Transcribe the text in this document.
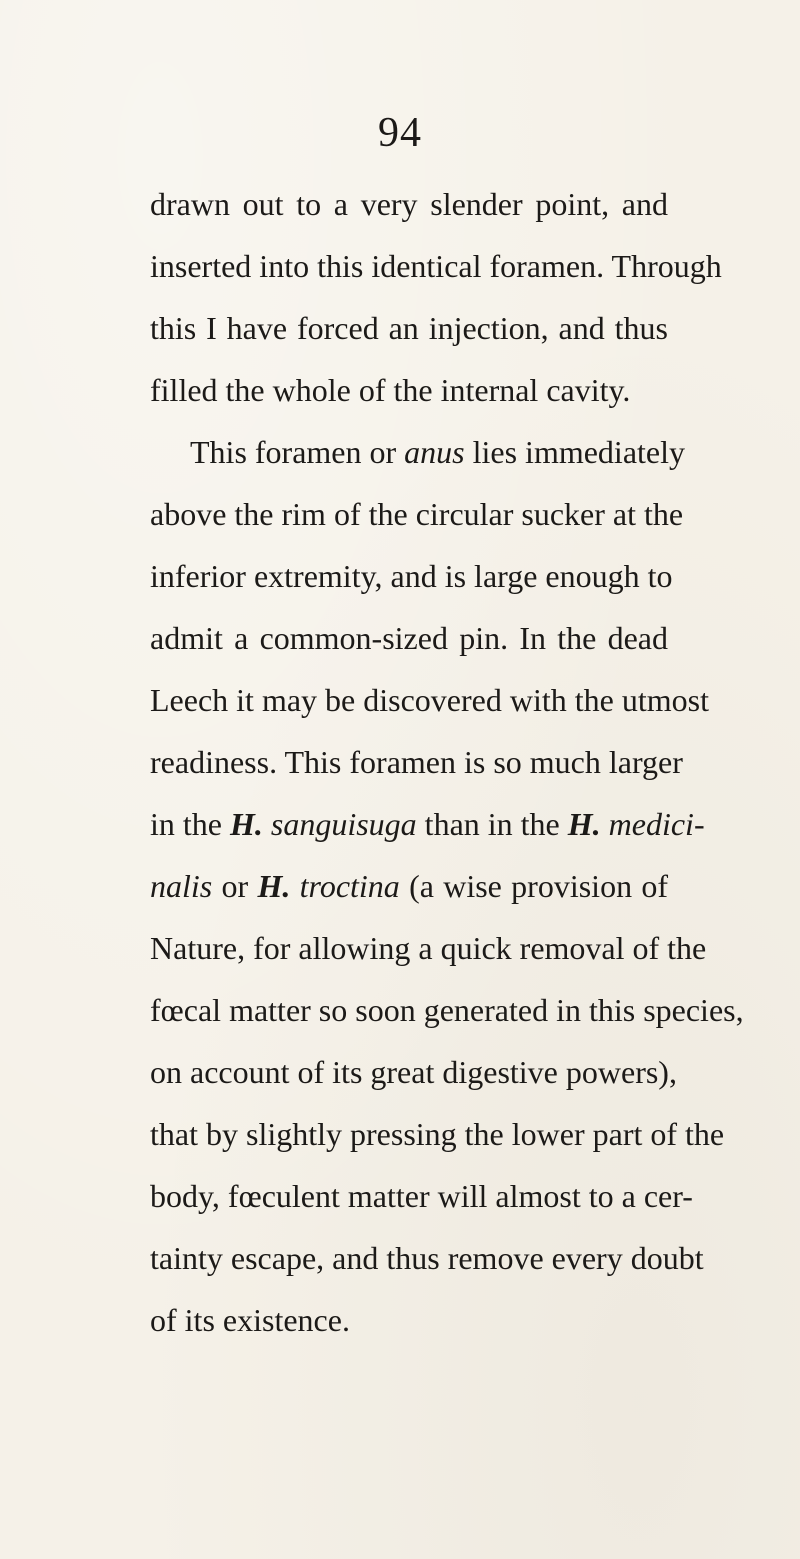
94
drawn out to a very slender point, and
inserted into this identical foramen. Through
this I have forced an injection, and thus
filled the whole of the internal cavity.
This foramen or anus lies immediately
above the rim of the circular sucker at the
inferior extremity, and is large enough to
admit a common-sized pin. In the dead
Leech it may be discovered with the utmost
readiness. This foramen is so much larger
in the H. sanguisuga than in the H. medici-
nalis or H. troctina (a wise provision of
Nature, for allowing a quick removal of the
fœcal matter so soon generated in this species,
on account of its great digestive powers),
that by slightly pressing the lower part of the
body, fœculent matter will almost to a cer-
tainty escape, and thus remove every doubt
of its existence.
